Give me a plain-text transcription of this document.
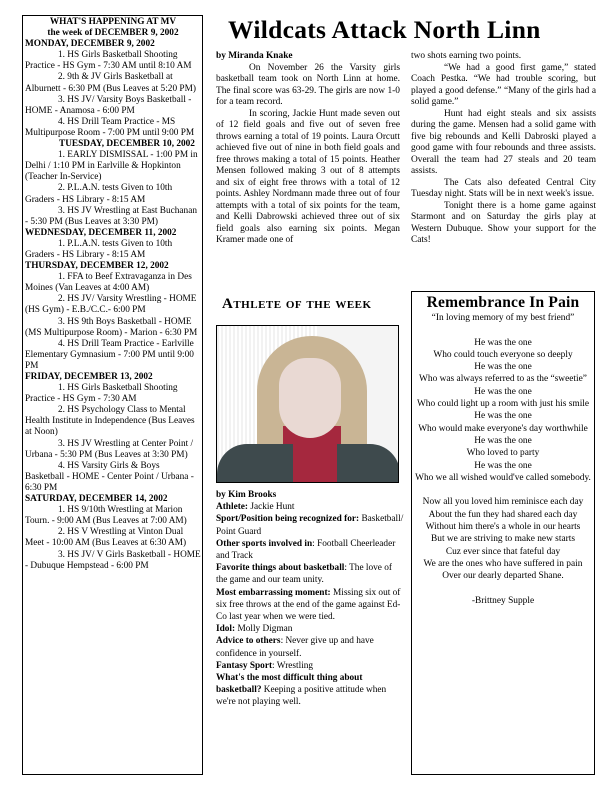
WHAT'S HAPPENING AT MV
the week of DECEMBER 9, 2002
MONDAY, DECEMBER 9, 2002
1. HS Girls Basketball Shooting Practice - HS Gym - 7:30 AM until 8:10 AM
2. 9th & JV Girls Basketball at Alburnett - 6:30 PM (Bus Leaves at 5:20 PM)
3. HS JV/ Varsity Boys Basketball - HOME - Anamosa - 6:00 PM
4. HS Drill Team Practice - MS Multipurpose Room - 7:00 PM until 9:00 PM
TUESDAY, DECEMBER 10, 2002
1. EARLY DISMISSAL - 1:00 PM in Delhi / 1:10 PM in Earlville & Hopkinton (Teacher In-Service)
2. P.L.A.N. tests Given to 10th Graders - HS Library - 8:15 AM
3. HS JV Wrestling at East Buchanan - 5:30 PM (Bus Leaves at 3:30 PM)
WEDNESDAY, DECEMBER 11, 2002
1. P.L.A.N. tests Given to 10th Graders - HS Library - 8:15 AM
THURSDAY, DECEMBER 12, 2002
1. FFA to Beef Extravaganza in Des Moines (Van Leaves at 4:00 AM)
2. HS JV/ Varsity Wrestling - HOME (HS Gym) - E.B./C.C.- 6:00 PM
3. HS 9th Boys Basketball - HOME (MS Multipurpose Room) - Marion - 6:30 PM
4. HS Drill Team Practice - Earlville Elementary Gymnasium - 7:00 PM until 9:00 PM
FRIDAY, DECEMBER 13, 2002
1. HS Girls Basketball Shooting Practice - HS Gym - 7:30 AM
2. HS Psychology Class to Mental Health Institute in Independence (Bus Leaves at Noon)
3. HS JV Wrestling at Center Point / Urbana - 5:30 PM (Bus Leaves at 3:30 PM)
4. HS Varsity Girls & Boys Basketball - HOME - Center Point / Urbana - 6:30 PM
SATURDAY, DECEMBER 14, 2002
1. HS 9/10th Wrestling at Marion Tourn. - 9:00 AM (Bus Leaves at 7:00 AM)
2. HS V Wrestling at Vinton Dual Meet - 10:00 AM (Bus Leaves at 6:30 AM)
3. HS JV/ V Girls Basketball - HOME - Dubuque Hempstead - 6:00 PM
Wildcats Attack North Linn
by Miranda Knake

On November 26 the Varsity girls basketball team took on North Linn at home. The final score was 63-29. The girls are now 1-0 for a team record.

In scoring, Jackie Hunt made seven out of 12 field goals and five out of seven free throws earning a total of 19 points. Laura Orcutt achieved five out of nine in both field goals and free throws making a total of 15 points. Heather Mensen followed making 3 out of 8 attempts and six of eight free throws with a total of 12 points. Ashley Nordmann made three out of four attempts with a total of six points for the team, and Kelli Dabrowski achieved three out of six field goals also earning six points. Megan Kramer made one of

two shots earning two points.

“We had a good first game,” stated Coach Pestka. “We had trouble scoring, but played a good defense.” “Many of the girls had a solid game.”

Hunt had eight steals and six assists during the game. Mensen had a solid game with five big rebounds and Kelli Dabroski played a good game with four rebounds and three assists. Overall the team had 27 steals and 20 team assists.

The Cats also defeated Central City Tuesday night. Stats will be in next week's issue.

Tonight there is a home game against Starmont and on Saturday the girls play at Western Dubuque. Show your support for the Cats!

Athlete of the week
by Kim Brooks
Athlete: Jackie Hunt
Sport/Position being recognized for: Basketball/ Point Guard
Other sports involved in: Football Cheerleader and Track
Favorite things about basketball: The love of the game and our team unity.
Most embarrassing moment: Missing six out of six free throws at the end of the game against Ed-Co last year when we were tied.
Idol: Molly Digman
Advice to others: Never give up and have confidence in yourself.
Fantasy Sport: Wrestling
What's the most difficult thing about basketball? Keeping a positive attitude when we're not playing well.
Remembrance In Pain
“In loving memory of my best friend”
He was the one
Who could touch everyone so deeply
He was the one
Who was always referred to as the “sweetie”
He was the one
Who could light up a room with just his smile
He was the one
Who would make everyone's day worthwhile
He was the one
Who loved to party
He was the one
Who we all wished would've called somebody.
Now all you loved him reminisce each day
About the fun they had shared each day
Without him there's a whole in our hearts
But we are striving to make new starts
Cuz ever since that fateful day
We are the ones who have suffered in pain
Over our dearly departed Shane.
-Brittney Supple
